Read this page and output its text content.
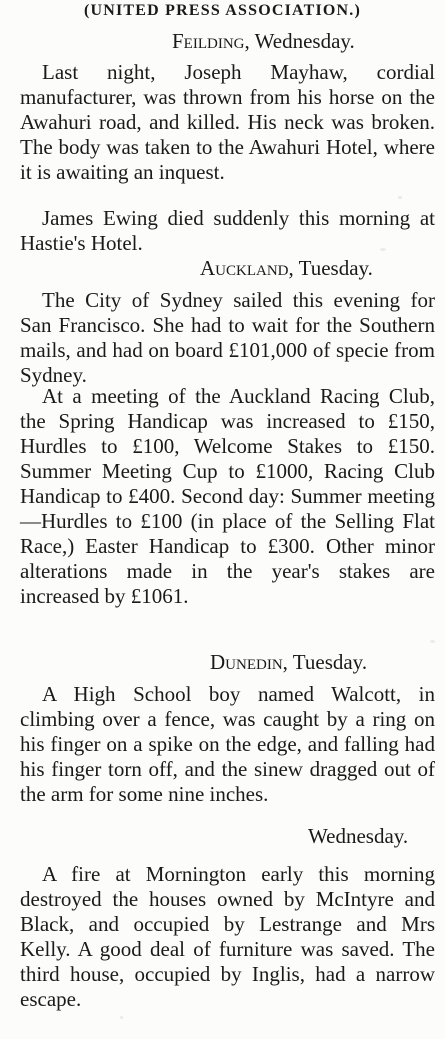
(UNITED PRESS ASSOCIATION.)
Feilding, Wednesday.

Last night, Joseph Mayhaw, cordial manufacturer, was thrown from his horse on the Awahuri road, and killed. His neck was broken. The body was taken to the Awahuri Hotel, where it is awaiting an inquest.

James Ewing died suddenly this morning at Hastie's Hotel.

Auckland, Tuesday.

The City of Sydney sailed this evening for San Francisco. She had to wait for the Southern mails, and had on board £101,000 of specie from Sydney.

At a meeting of the Auckland Racing Club, the Spring Handicap was increased to £150, Hurdles to £100, Welcome Stakes to £150. Summer Meeting Cup to £1000, Racing Club Handicap to £400. Second day: Summer meeting —Hurdles to £100 (in place of the Selling Flat Race,) Easter Handicap to £300. Other minor alterations made in the year's stakes are increased by £1061.

Dunedin, Tuesday.

A High School boy named Walcott, in climbing over a fence, was caught by a ring on his finger on a spike on the edge, and falling had his finger torn off, and the sinew dragged out of the arm for some nine inches.

Wednesday.

A fire at Mornington early this morning destroyed the houses owned by McIntyre and Black, and occupied by Lestrange and Mrs Kelly. A good deal of furniture was saved. The third house, occupied by Inglis, had a narrow escape.
